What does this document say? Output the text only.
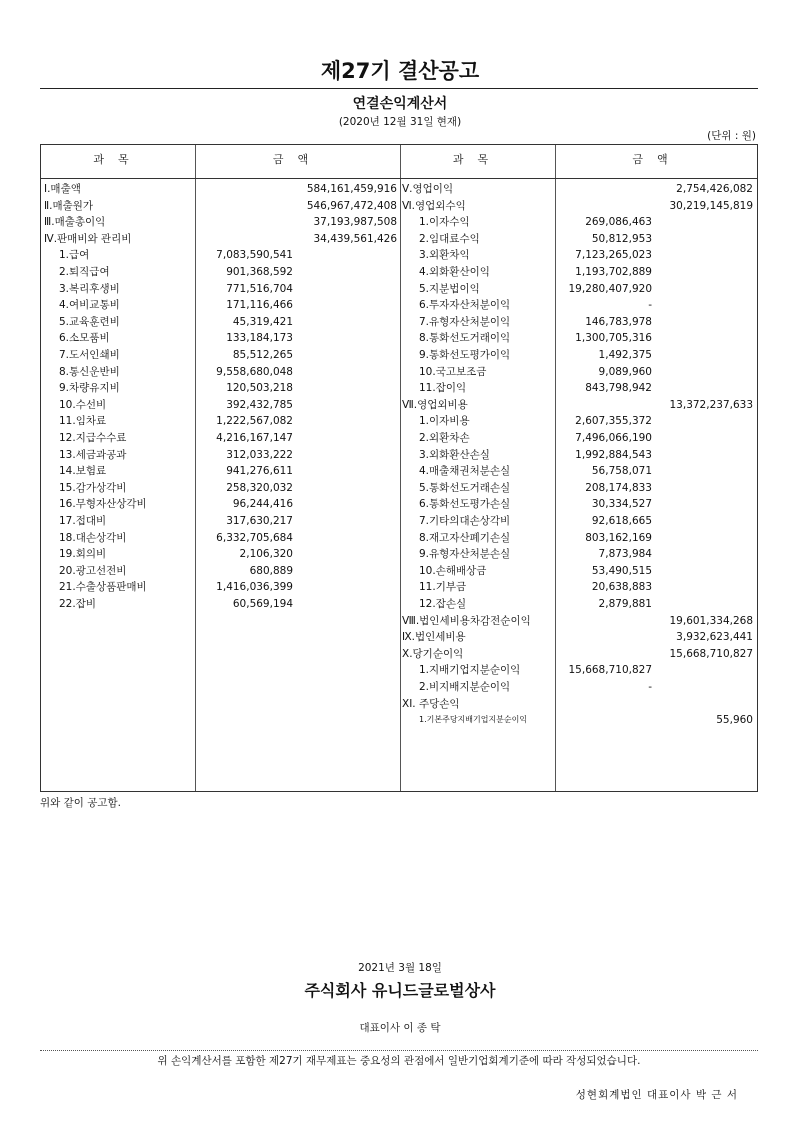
제27기 결산공고
연결손익계산서
(2020년 12월 31일 현재)
(단위 : 원)
과목	금액	과목	금액
Ⅰ.매출액	584,161,459,916
Ⅱ.매출원가	546,967,472,408
Ⅲ.매출총이익	37,193,987,508
Ⅳ.판매비와 관리비	34,439,561,426
1.급여	7,083,590,541
2.퇴직급여	901,368,592
3.복리후생비	771,516,704
4.여비교통비	171,116,466
5.교육훈련비	45,319,421
6.소모품비	133,184,173
7.도서인쇄비	85,512,265
8.통신운반비	9,558,680,048
9.차량유지비	120,503,218
10.수선비	392,432,785
11.임차료	1,222,567,082
12.지급수수료	4,216,167,147
13.세금과공과	312,033,222
14.보험료	941,276,611
15.감가상각비	258,320,032
16.무형자산상각비	96,244,416
17.접대비	317,630,217
18.대손상각비	6,332,705,684
19.회의비	2,106,320
20.광고선전비	680,889
21.수출상품판매비	1,416,036,399
22.잡비	60,569,194
Ⅴ.영업이익	2,754,426,082
Ⅵ.영업외수익	30,219,145,819
1.이자수익	269,086,463
2.임대료수익	50,812,953
3.외환차익	7,123,265,023
4.외화환산이익	1,193,702,889
5.지분법이익	19,280,407,920
6.투자자산처분이익	-
7.유형자산처분이익	146,783,978
8.통화선도거래이익	1,300,705,316
9.통화선도평가이익	1,492,375
10.국고보조금	9,089,960
11.잡이익	843,798,942
Ⅶ.영업외비용	13,372,237,633
1.이자비용	2,607,355,372
2.외환차손	7,496,066,190
3.외화환산손실	1,992,884,543
4.매출채권처분손실	56,758,071
5.통화선도거래손실	208,174,833
6.통화선도평가손실	30,334,527
7.기타의대손상각비	92,618,665
8.재고자산폐기손실	803,162,169
9.유형자산처분손실	7,873,984
10.손해배상금	53,490,515
11.기부금	20,638,883
12.잡손실	2,879,881
Ⅷ.법인세비용차감전순이익	19,601,334,268
Ⅸ.법인세비용	3,932,623,441
Ⅹ.당기순이익	15,668,710,827
1.지배기업지분순이익	15,668,710,827
2.비지배지분순이익	-
XI. 주당손익
1.기본주당지배기업지분순이익	55,960
위와 같이 공고함.
2021년 3월 18일
주식회사 유니드글로벌상사
대표이사 이 종 탁
위 손익계산서를 포함한 제27기 재무제표는 중요성의 관점에서 일반기업회계기준에 따라 작성되었습니다.
성현회계법인 대표이사 박 근 서
